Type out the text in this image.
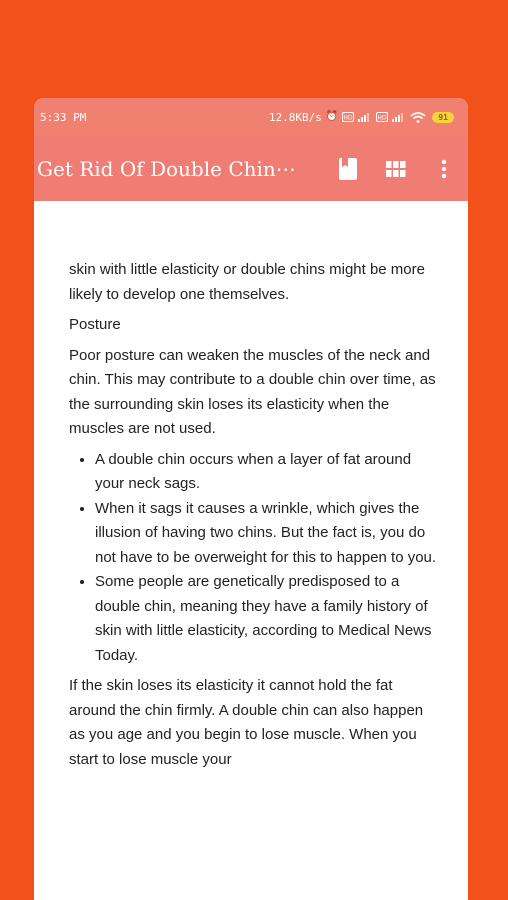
5:33 PM	12.8KB/s ⏰ HD	HD	91
Get Rid Of Double Chin⋯

skin with little elasticity or double chins might be more likely to develop one themselves.

Posture

Poor posture can weaken the muscles of the neck and chin. This may contribute to a double chin over time, as the surrounding skin loses its elasticity when the muscles are not used.

• A double chin occurs when a layer of fat around your neck sags.
• When it sags it causes a wrinkle, which gives the illusion of having two chins. But the fact is, you do not have to be overweight for this to happen to you.
• Some people are genetically predisposed to a double chin, meaning they have a family history of skin with little elasticity, according to Medical News Today.

If the skin loses its elasticity it cannot hold the fat around the chin firmly. A double chin can also happen as you age and you begin to lose muscle. When you start to lose muscle your
